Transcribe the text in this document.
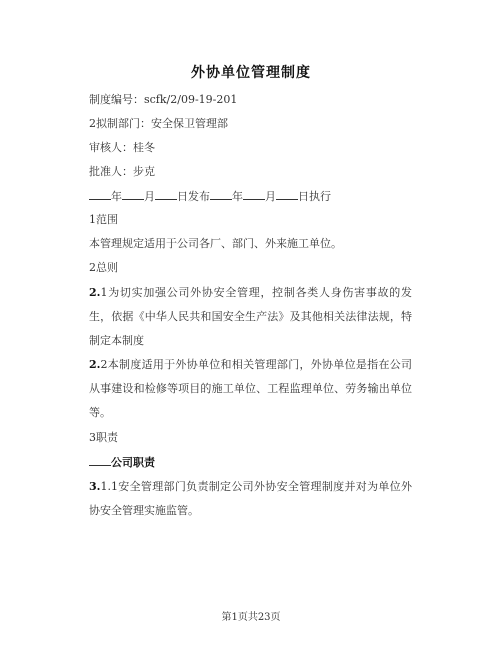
外协单位管理制度
制度编号：scfk/2/09-19-201
2拟制部门：安全保卫管理部
审核人：桂冬
批准人：步克
年 月 日发布 年 月 日执行
1范围
本管理规定适用于公司各厂、部门、外来施工单位。
2总则
2.1为切实加强公司外协安全管理，控制各类人身伤害事故的发生，依据《中华人民共和国安全生产法》及其他相关法律法规，特制定本制度
2.2本制度适用于外协单位和相关管理部门，外协单位是指在公司从事建设和检修等项目的施工单位、工程监理单位、劳务输出单位等。
3职责
公司职责
3.1.1安全管理部门负责制定公司外协安全管理制度并对为单位外协安全管理实施监管。
第1页共23页
